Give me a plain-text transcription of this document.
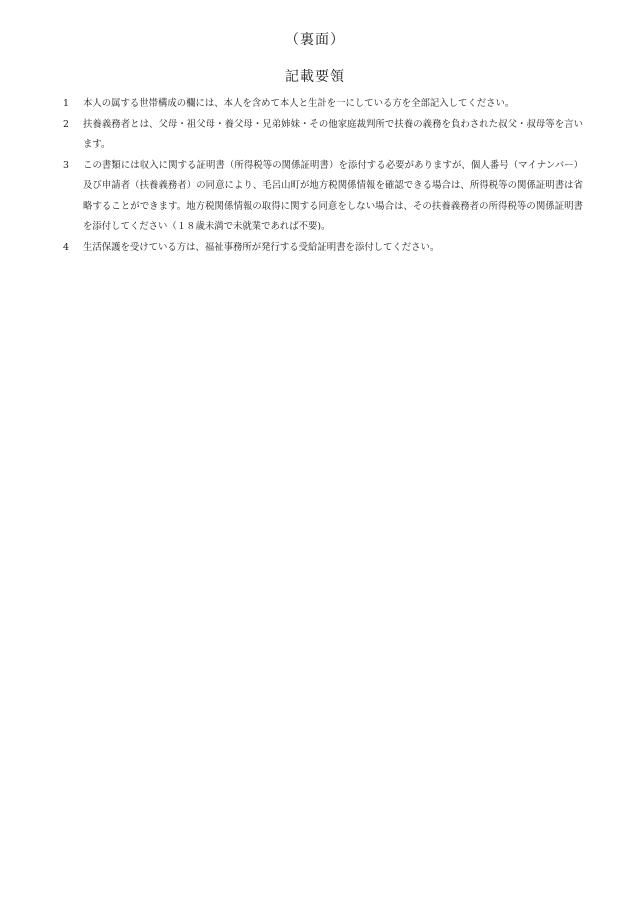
（裏面）
記載要領
1	本人の属する世帯構成の欄には、本人を含めて本人と生計を一にしている方を全部記入してください。
2	扶養義務者とは、父母・祖父母・養父母・兄弟姉妹・その他家庭裁判所で扶養の義務を負わされた叔父・叔母等を言います。
3	この書類には収入に関する証明書（所得税等の関係証明書）を添付する必要がありますが、個人番号（マイナンバー）及び申請者（扶養義務者）の同意により、毛呂山町が地方税関係情報を確認できる場合は、所得税等の関係証明書は省略することができます。地方税関係情報の取得に関する同意をしない場合は、その扶養義務者の所得税等の関係証明書を添付してください（１８歳未満で未就業であれば不要)。
4	生活保護を受けている方は、福祉事務所が発行する受給証明書を添付してください。
